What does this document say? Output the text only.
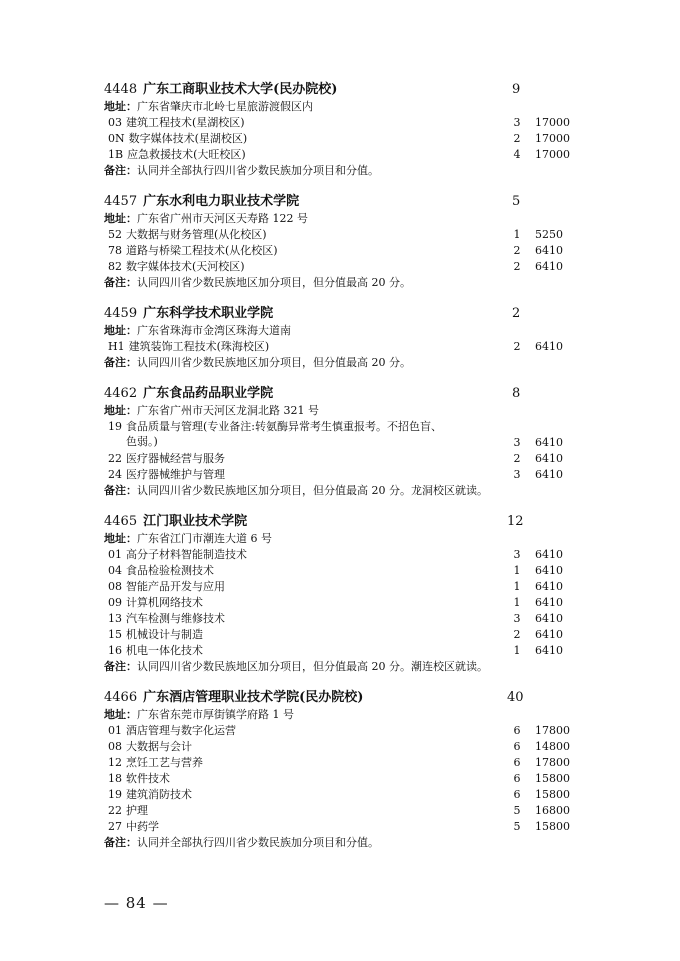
4448 广东工商职业技术大学(民办院校)	9
地址：广东省肇庆市北岭七星旅游渡假区内
03 建筑工程技术(星湖校区)	3	17000
0N 数字媒体技术(星湖校区)	2	17000
1B 应急救援技术(大旺校区)	4	17000
备注：认同并全部执行四川省少数民族加分项目和分值。
4457 广东水利电力职业技术学院	5
地址：广东省广州市天河区天寿路 122 号
52 大数据与财务管理(从化校区)	1	5250
78 道路与桥梁工程技术(从化校区)	2	6410
82 数字媒体技术(天河校区)	2	6410
备注：认同四川省少数民族地区加分项目，但分值最高 20 分。
4459 广东科学技术职业学院	2
地址：广东省珠海市金湾区珠海大道南
H1 建筑装饰工程技术(珠海校区)	2	6410
备注：认同四川省少数民族地区加分项目，但分值最高 20 分。
4462 广东食品药品职业学院	8
地址：广东省广州市天河区龙洞北路 321 号
19 食品质量与管理(专业备注:转氨酶异常考生慎重报考。不招色盲、
色弱。)	3	6410
22 医疗器械经营与服务	2	6410
24 医疗器械维护与管理	3	6410
备注：认同四川省少数民族地区加分项目，但分值最高 20 分。龙洞校区就读。
4465 江门职业技术学院	12
地址：广东省江门市潮连大道 6 号
01 高分子材料智能制造技术	3	6410
04 食品检验检测技术	1	6410
08 智能产品开发与应用	1	6410
09 计算机网络技术	1	6410
13 汽车检测与维修技术	3	6410
15 机械设计与制造	2	6410
16 机电一体化技术	1	6410
备注：认同四川省少数民族地区加分项目，但分值最高 20 分。潮连校区就读。
4466 广东酒店管理职业技术学院(民办院校)	40
地址：广东省东莞市厚街镇学府路 1 号
01 酒店管理与数字化运营	6	17800
08 大数据与会计	6	14800
12 烹饪工艺与营养	6	17800
18 软件技术	6	15800
19 建筑消防技术	6	15800
22 护理	5	16800
27 中药学	5	15800
备注：认同并全部执行四川省少数民族加分项目和分值。
— 84 —
